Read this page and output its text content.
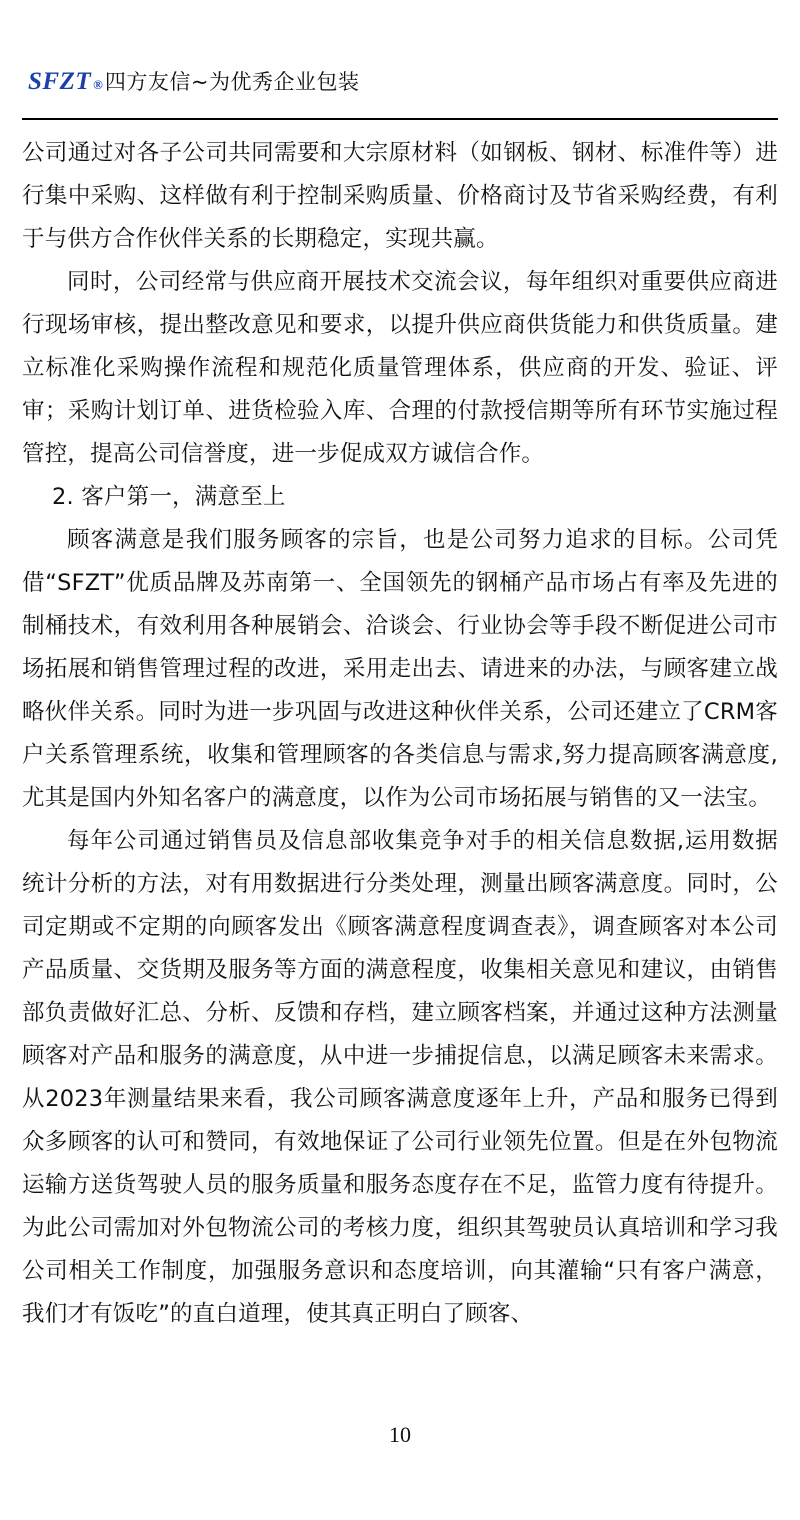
SFZT ® 四方友信~为优秀企业包装

公司通过对各子公司共同需要和大宗原材料（如钢板、钢材、标准件等）进行集中采购、这样做有利于控制采购质量、价格商讨及节省采购经费，有利于与供方合作伙伴关系的长期稳定，实现共赢。

同时，公司经常与供应商开展技术交流会议，每年组织对重要供应商进行现场审核，提出整改意见和要求，以提升供应商供货能力和供货质量。建立标准化采购操作流程和规范化质量管理体系，供应商的开发、验证、评审；采购计划订单、进货检验入库、合理的付款授信期等所有环节实施过程管控，提高公司信誉度，进一步促成双方诚信合作。

2. 客户第一，满意至上

顾客满意是我们服务顾客的宗旨，也是公司努力追求的目标。公司凭借“SFZT”优质品牌及苏南第一、全国领先的钢桶产品市场占有率及先进的制桶技术，有效利用各种展销会、洽谈会、行业协会等手段不断促进公司市场拓展和销售管理过程的改进，采用走出去、请进来的办法，与顾客建立战略伙伴关系。同时为进一步巩固与改进这种伙伴关系，公司还建立了CRM客户关系管理系统，收集和管理顾客的各类信息与需求,努力提高顾客满意度,尤其是国内外知名客户的满意度，以作为公司市场拓展与销售的又一法宝。

每年公司通过销售员及信息部收集竞争对手的相关信息数据,运用数据统计分析的方法，对有用数据进行分类处理，测量出顾客满意度。同时，公司定期或不定期的向顾客发出《顾客满意程度调查表》，调查顾客对本公司产品质量、交货期及服务等方面的满意程度，收集相关意见和建议，由销售部负责做好汇总、分析、反馈和存档，建立顾客档案，并通过这种方法测量顾客对产品和服务的满意度，从中进一步捕捉信息，以满足顾客未来需求。从2023年测量结果来看，我公司顾客满意度逐年上升，产品和服务已得到众多顾客的认可和赞同，有效地保证了公司行业领先位置。但是在外包物流运输方送货驾驶人员的服务质量和服务态度存在不足，监管力度有待提升。为此公司需加对外包物流公司的考核力度，组织其驾驶员认真培训和学习我公司相关工作制度，加强服务意识和态度培训，向其灌输“只有客户满意，我们才有饭吃”的直白道理，使其真正明白了顾客、

10
